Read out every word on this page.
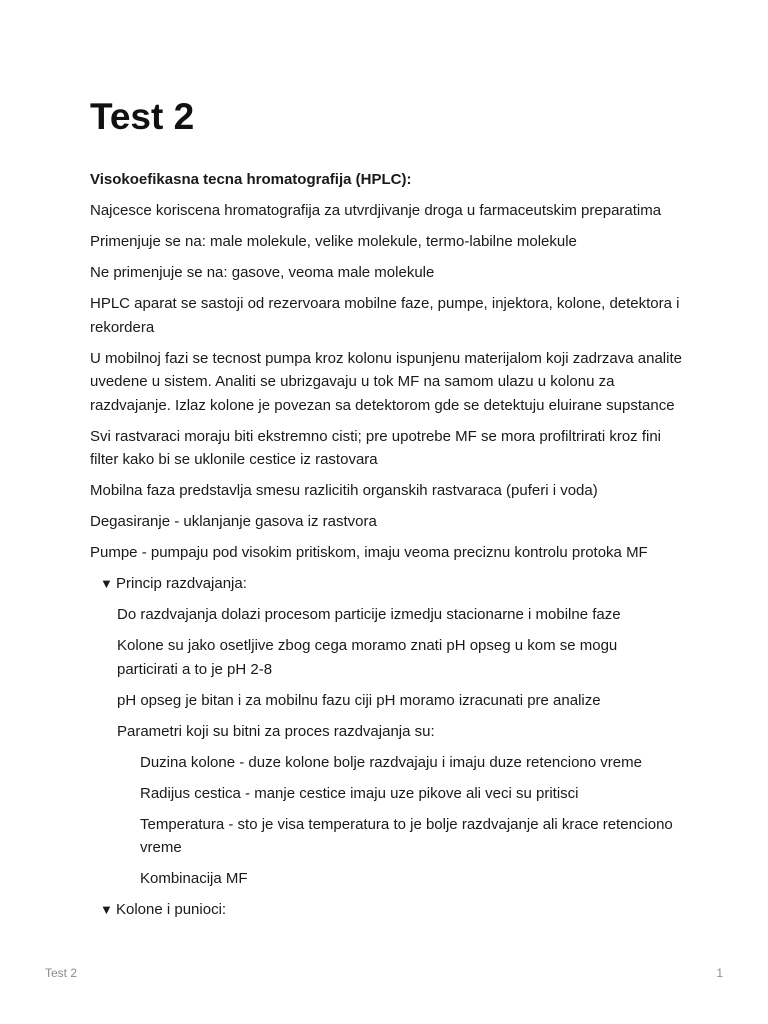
Test 2

Visokoefikasna tecna hromatografija (HPLC):

Najcesce koriscena hromatografija za utvrdjivanje droga u farmaceutskim preparatima

Primenjuje se na: male molekule, velike molekule, termo-labilne molekule

Ne primenjuje se na: gasove, veoma male molekule

HPLC aparat se sastoji od rezervoara mobilne faze, pumpe, injektora, kolone, detektora i rekordera

U mobilnoj fazi se tecnost pumpa kroz kolonu ispunjenu materijalom koji zadrzava analite uvedene u sistem. Analiti se ubrizgavaju u tok MF na samom ulazu u kolonu za razdvajanje. Izlaz kolone je povezan sa detektorom gde se detektuju eluirane supstance

Svi rastvaraci moraju biti ekstremno cisti; pre upotrebe MF se mora profiltrirati kroz fini filter kako bi se uklonile cestice iz rastovara

Mobilna faza predstavlja smesu razlicitih organskih rastvaraca (puferi i voda)

Degasiranje - uklanjanje gasova iz rastvora

Pumpe - pumpaju pod visokim pritiskom, imaju veoma preciznu kontrolu protoka MF

▼ Princip razdvajanja:

Do razdvajanja dolazi procesom particije izmedju stacionarne i mobilne faze

Kolone su jako osetljive zbog cega moramo znati pH opseg u kom se mogu particirati a to je pH 2-8

pH opseg je bitan i za mobilnu fazu ciji pH moramo izracunati pre analize

Parametri koji su bitni za proces razdvajanja su:

Duzina kolone - duze kolone bolje razdvajaju i imaju duze retenciono vreme

Radijus cestica - manje cestice imaju uze pikove ali veci su pritisci

Temperatura - sto je visa temperatura to je bolje razdvajanje ali krace retenciono vreme

Kombinacija MF

▼ Kolone i punioci:
Test 2	1
